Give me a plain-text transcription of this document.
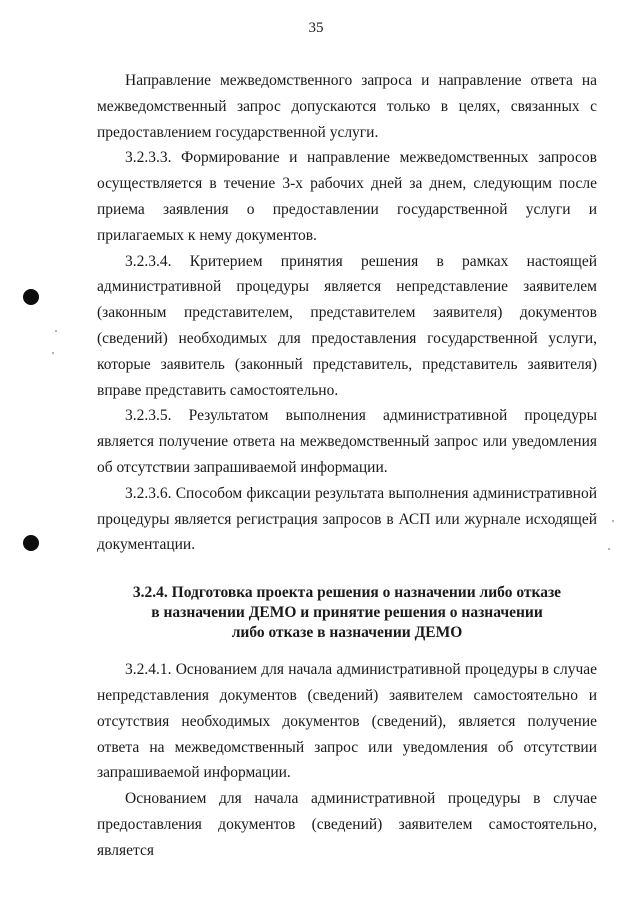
35

Направление межведомственного запроса и направление ответа на межведомственный запрос допускаются только в целях, связанных с предоставлением государственной услуги.

3.2.3.3. Формирование и направление межведомственных запросов осуществляется в течение 3-х рабочих дней за днем, следующим после приема заявления о предоставлении государственной услуги и прилагаемых к нему документов.

3.2.3.4. Критерием принятия решения в рамках настоящей административной процедуры является непредставление заявителем (законным представителем, представителем заявителя) документов (сведений) необходимых для предоставления государственной услуги, которые заявитель (законный представитель, представитель заявителя) вправе представить самостоятельно.

3.2.3.5. Результатом выполнения административной процедуры является получение ответа на межведомственный запрос или уведомления об отсутствии запрашиваемой информации.

3.2.3.6. Способом фиксации результата выполнения административной процедуры является регистрация запросов в АСП или журнале исходящей документации.

3.2.4. Подготовка проекта решения о назначении либо отказе
в назначении ДЕМО и принятие решения о назначении
либо отказе в назначении ДЕМО

3.2.4.1. Основанием для начала административной процедуры в случае непредставления документов (сведений) заявителем самостоятельно и отсутствия необходимых документов (сведений), является получение ответа на межведомственный запрос или уведомления об отсутствии запрашиваемой информации.

Основанием для начала административной процедуры в случае предоставления документов (сведений) заявителем самостоятельно, является
